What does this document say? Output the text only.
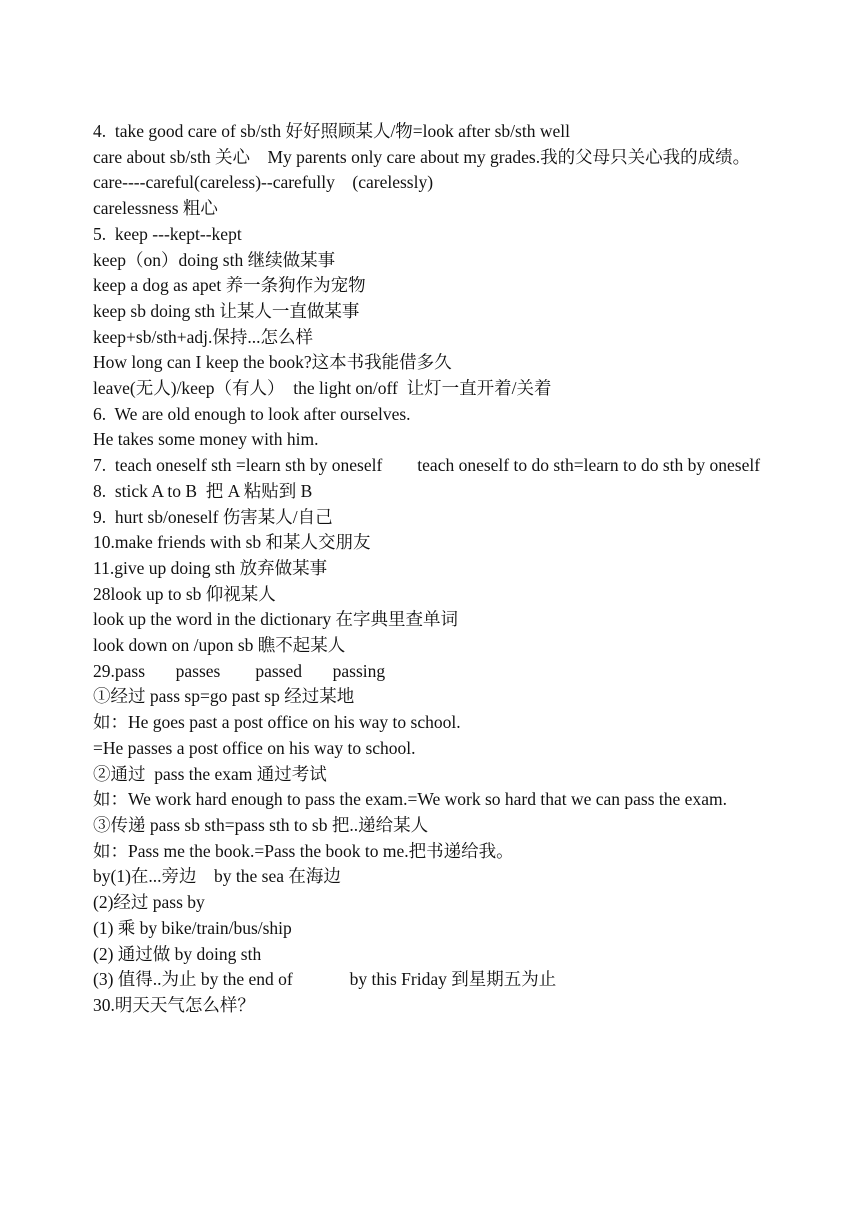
4.  take good care of sb/sth 好好照顾某人/物=look after sb/sth well

care about sb/sth 关心    My parents only care about my grades.我的父母只关心我的成绩。

care----careful(careless)--carefully    (carelessly)

carelessness 粗心

5.  keep ---kept--kept

keep（on）doing sth 继续做某事

keep a dog as apet 养一条狗作为宠物

keep sb doing sth 让某人一直做某事

keep+sb/sth+adj.保持...怎么样

How long can I keep the book?这本书我能借多久

leave(无人)/keep（有人）  the light on/off  让灯一直开着/关着

6.  We are old enough to look after ourselves.

He takes some money with him.

7.  teach oneself sth =learn sth by oneself        teach oneself to do sth=learn to do sth by oneself

8.  stick A to B  把 A 粘贴到 B

9.  hurt sb/oneself 伤害某人/自己

10.make friends with sb 和某人交朋友

11.give up doing sth 放弃做某事

28look up to sb 仰视某人

look up the word in the dictionary 在字典里查单词

look down on /upon sb 瞧不起某人

29.pass       passes        passed       passing

①经过 pass sp=go past sp 经过某地

如：He goes past a post office on his way to school.

=He passes a post office on his way to school.

②通过  pass the exam 通过考试

如：We work hard enough to pass the exam.=We work so hard that we can pass the exam.

③传递 pass sb sth=pass sth to sb 把..递给某人

如：Pass me the book.=Pass the book to me.把书递给我。

by(1)在...旁边    by the sea 在海边

(2)经过 pass by

(1) 乘 by bike/train/bus/ship

(2) 通过做 by doing sth

(3) 值得..为止 by the end of             by this Friday 到星期五为止

30.明天天气怎么样？
